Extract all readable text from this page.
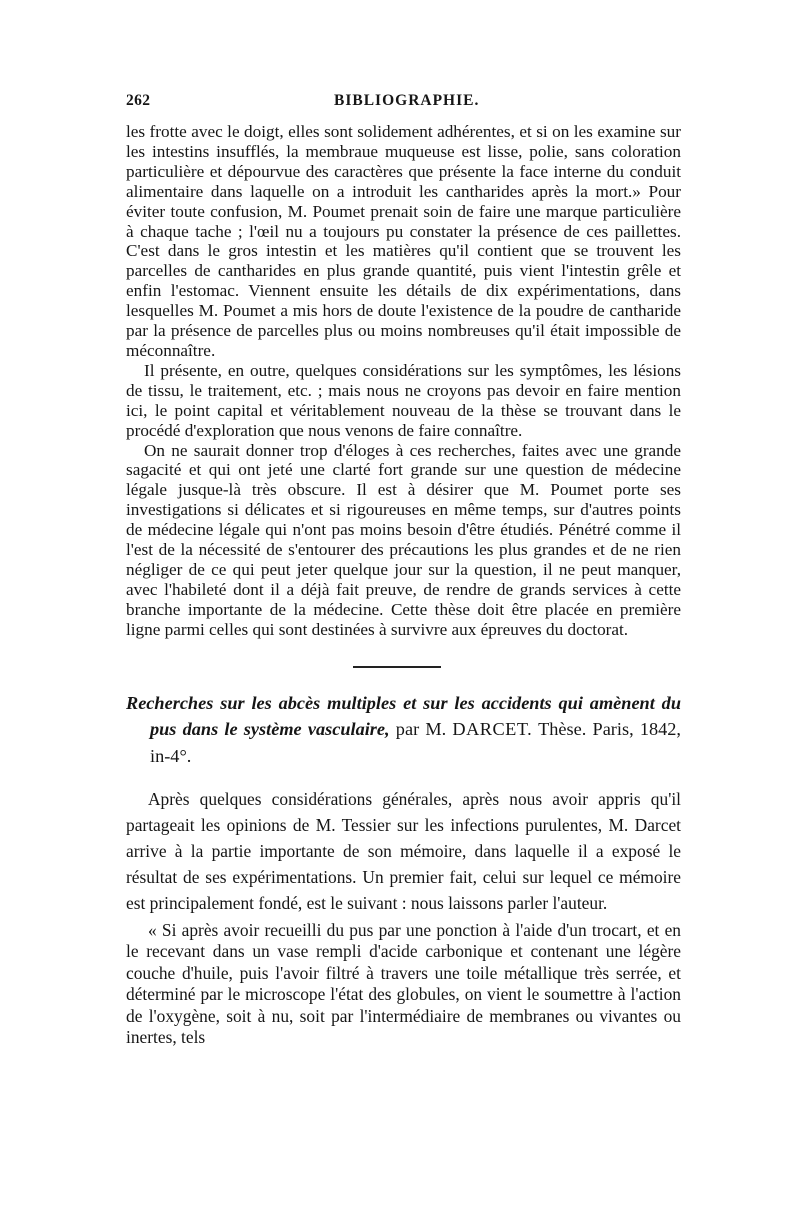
262	BIBLIOGRAPHIE.

les frotte avec le doigt, elles sont solidement adhérentes, et si on les examine sur les intestins insufflés, la membraue muqueuse est lisse, polie, sans coloration particulière et dépourvue des caractères que présente la face interne du conduit alimentaire dans laquelle on a introduit les cantharides après la mort.» Pour éviter toute confusion, M. Poumet prenait soin de faire une marque particulière à chaque tache ; l'œil nu a toujours pu constater la présence de ces paillettes. C'est dans le gros intestin et les matières qu'il contient que se trouvent les parcelles de cantharides en plus grande quantité, puis vient l'intestin grêle et enfin l'estomac. Viennent ensuite les détails de dix expérimentations, dans lesquelles M. Poumet a mis hors de doute l'existence de la poudre de cantharide par la présence de parcelles plus ou moins nombreuses qu'il était impossible de méconnaître.

Il présente, en outre, quelques considérations sur les symptômes, les lésions de tissu, le traitement, etc. ; mais nous ne croyons pas devoir en faire mention ici, le point capital et véritablement nouveau de la thèse se trouvant dans le procédé d'exploration que nous venons de faire connaître.

On ne saurait donner trop d'éloges à ces recherches, faites avec une grande sagacité et qui ont jeté une clarté fort grande sur une question de médecine légale jusque-là très obscure. Il est à désirer que M. Poumet porte ses investigations si délicates et si rigoureuses en même temps, sur d'autres points de médecine légale qui n'ont pas moins besoin d'être étudiés. Pénétré comme il l'est de la nécessité de s'entourer des précautions les plus grandes et de ne rien négliger de ce qui peut jeter quelque jour sur la question, il ne peut manquer, avec l'habileté dont il a déjà fait preuve, de rendre de grands services à cette branche importante de la médecine. Cette thèse doit être placée en première ligne parmi celles qui sont destinées à survivre aux épreuves du doctorat.

Recherches sur les abcès multiples et sur les accidents qui amènent du pus dans le système vasculaire, par M. DARCET. Thèse. Paris, 1842, in-4°.

Après quelques considérations générales, après nous avoir appris qu'il partageait les opinions de M. Tessier sur les infections purulentes, M. Darcet arrive à la partie importante de son mémoire, dans laquelle il a exposé le résultat de ses expérimentations. Un premier fait, celui sur lequel ce mémoire est principalement fondé, est le suivant : nous laissons parler l'auteur.

« Si après avoir recueilli du pus par une ponction à l'aide d'un trocart, et en le recevant dans un vase rempli d'acide carbonique et contenant une légère couche d'huile, puis l'avoir filtré à travers une toile métallique très serrée, et déterminé par le microscope l'état des globules, on vient le soumettre à l'action de l'oxygène, soit à nu, soit par l'intermédiaire de membranes ou vivantes ou inertes, tels
